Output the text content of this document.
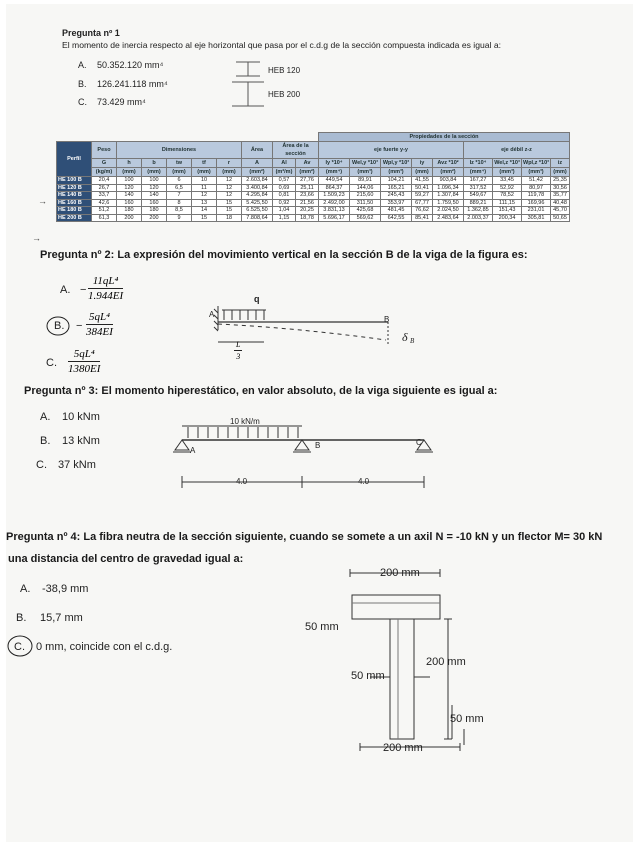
Pregunta nº 1
El momento de inercia respecto al eje horizontal que pasa por el c.d.g de la sección compuesta indicada es igual a:
A. 50.352.120 mm⁴
B. 126.241.118 mm⁴
C. 73.429 mm⁴
HEB 120
HEB 200
→
→
										Propiedades de la sección								
Perfil	Peso	Dimensiones					Área	Área de la sección		eje fuerte y-y					eje débil z-z			
	G	h	b	tw	tf	r	A	Al	Av	Iy *10⁴	Wel,y *10³	Wpl,y *10³	iy	Avz *10²	Iz *10⁴	Wel,z *10³	Wpl,z *10³	iz
	(kg/m)	(mm)	(mm)	(mm)	(mm)	(mm)	(mm²)	(m²/m)	(mm²)	(mm⁴)	(mm³)	(mm³)	(mm)	(mm²)	(mm⁴)	(mm³)	(mm³)	(mm)
HE 100 B	20,4	100	100	6	10	12	2.603,84	0,57	27,76	449,54	89,91	104,21	41,55	903,84	167,27	33,45	51,42	25,35
HE 120 B	26,7	120	120	6,5	11	12	3.400,84	0,69	25,11	864,37	144,06	165,21	50,41	1.096,34	317,52	52,92	80,97	30,56
HE 140 B	33,7	140	140	7	12	12	4.295,84	0,81	23,66	1.509,23	215,60	245,43	59,27	1.307,84	549,67	78,52	119,78	35,77
HE 160 B	42,6	160	160	8	13	15	5.425,50	0,92	21,56	2.492,00	311,50	353,97	67,77	1.759,50	889,21	111,15	169,96	40,48
HE 180 B	51,2	180	180	8,5	14	15	6.525,50	1,04	20,25	3.831,13	425,68	481,45	76,62	2.024,50	1.362,85	151,43	231,01	45,70
HE 200 B	61,3	200	200	9	15	18	7.808,64	1,15	18,78	5.696,17	569,62	642,55	85,41	2.483,64	2.003,37	200,34	305,81	50,65
Pregunta nº 2: La expresión del movimiento vertical en la sección B de la viga de la figura es:
A. − $\frac{\text{11qL⁴}}{1.944EI}$
B. − $\frac{\text{5qL⁴}}{384EI}$
C. $\frac{\text{5qL⁴}}{1380EI}$
q
A
B
δ B
$\frac{L}{3}$
Pregunta nº 3: El momento hiperestático, en valor absoluto, de la viga siguiente es igual a:
A. 10 kNm
B. 13 kNm
C. 37 kNm
10 kN/m
A
B	C
4.0	4.0
Pregunta nº 4: La fibra neutra de la sección siguiente, cuando se somete a un axil N = -10 kN y un flector M= 30 kN
una distancia del centro de gravedad igual a:
A. -38,9 mm
B. 15,7 mm
C. 0 mm, coincide con el c.d.g.
200 mm
50 mm
200 mm
50 mm
50 mm
200 mm
